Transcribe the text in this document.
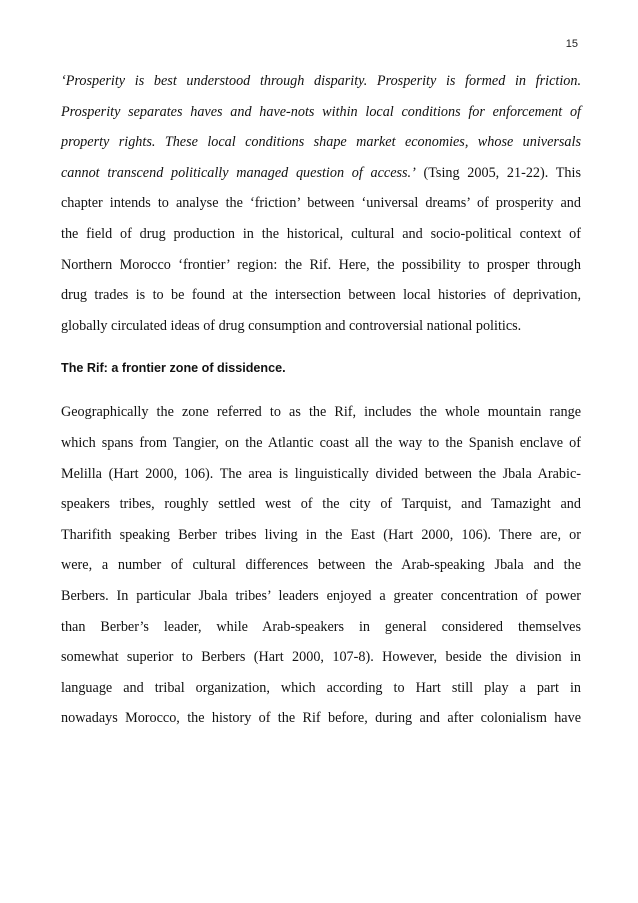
15
‘Prosperity is best understood through disparity. Prosperity is formed in friction.
Prosperity separates haves and have-nots within local conditions for enforcement of
property rights. These local conditions shape market economies, whose universals
cannot transcend politically managed question of access.’ (Tsing 2005, 21-22). This
chapter intends to analyse the ‘friction’ between ‘universal dreams’ of prosperity and
the field of drug production in the historical, cultural and socio-political context of
Northern Morocco ‘frontier’ region: the Rif. Here, the possibility to prosper through
drug trades is to be found at the intersection between local histories of deprivation,
globally circulated ideas of drug consumption and controversial national politics.
The Rif: a frontier zone of dissidence.
Geographically the zone referred to as the Rif, includes the whole mountain range
which spans from Tangier, on the Atlantic coast all the way to the Spanish enclave of
Melilla (Hart 2000, 106). The area is linguistically divided between the Jbala Arabic-
speakers tribes, roughly settled west of the city of Tarquist, and Tamazight and
Tharifith speaking Berber tribes living in the East (Hart 2000, 106). There are, or
were, a number of cultural differences between the Arab-speaking Jbala and the
Berbers. In particular Jbala tribes’ leaders enjoyed a greater concentration of power
than Berber’s leader, while Arab-speakers in general considered themselves
somewhat superior to Berbers (Hart 2000, 107-8). However, beside the division in
language and tribal organization, which according to Hart still play a part in
nowadays Morocco, the history of the Rif before, during and after colonialism have
